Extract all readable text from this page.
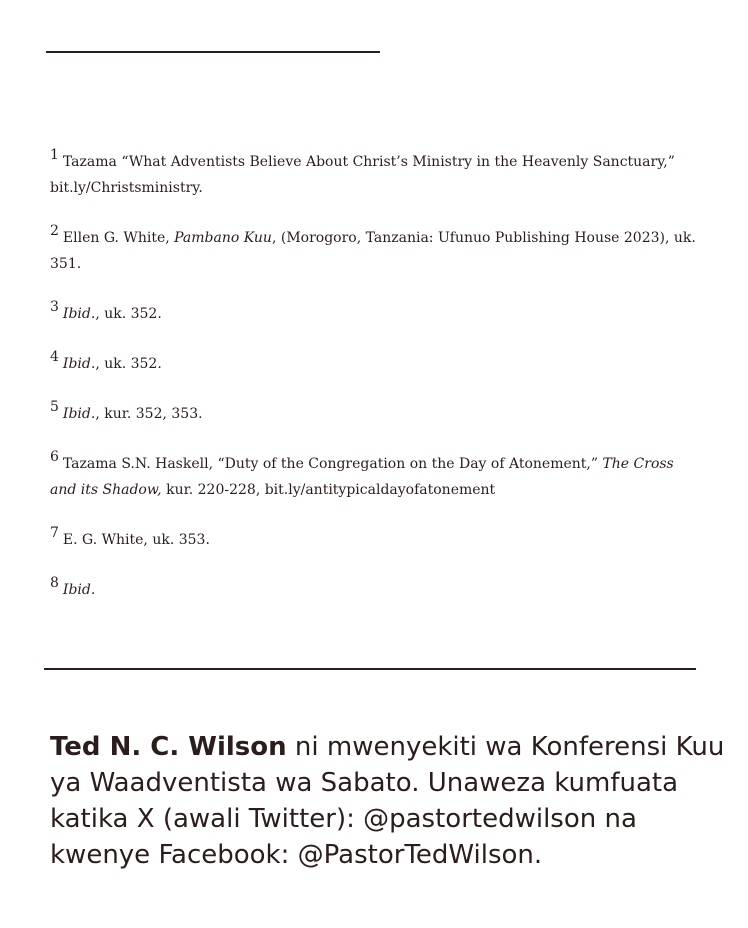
$^1$ Tazama “What Adventists Believe About Christ’s Ministry in the Heavenly Sanctuary,” bit.ly/Christsministry.

$^2$ Ellen G. White, Pambano Kuu, (Morogoro, Tanzania: Ufunuo Publishing House 2023), uk. 351.

$^3$ Ibid., uk. 352.

$^4$ Ibid., uk. 352.

$^5$ Ibid., kur. 352, 353.

$^6$ Tazama S.N. Haskell, “Duty of the Congregation on the Day of Atonement,” The Cross and its Shadow, kur. 220-228, bit.ly/antitypicaldayofatonement

$^7$ E. G. White, uk. 353.

$^8$ Ibid.

Ted N. C. Wilson ni mwenyekiti wa Konferensi Kuu ya Waadventista wa Sabato. Unaweza kumfuata katika X (awali Twitter): @pastortedwilson na kwenye Facebook: @PastorTedWilson.
